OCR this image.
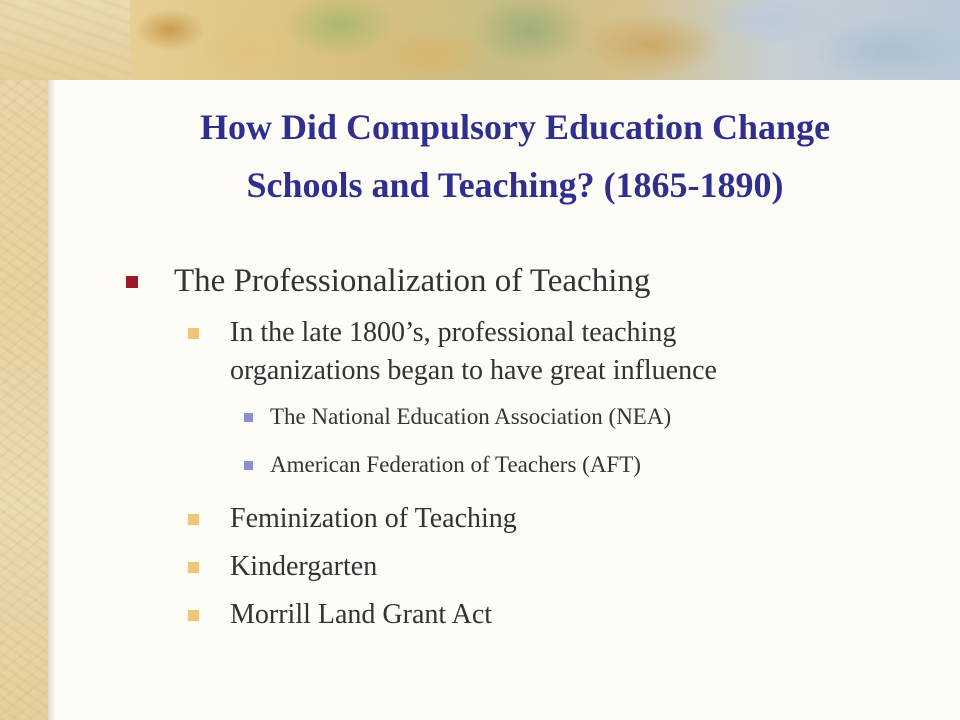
How Did Compulsory Education Change
Schools and Teaching? (1865-1890)
The Professionalization of Teaching
In the late 1800’s, professional teaching
organizations began to have great influence
The National Education Association (NEA)
American Federation of Teachers (AFT)
Feminization of Teaching
Kindergarten
Morrill Land Grant Act
